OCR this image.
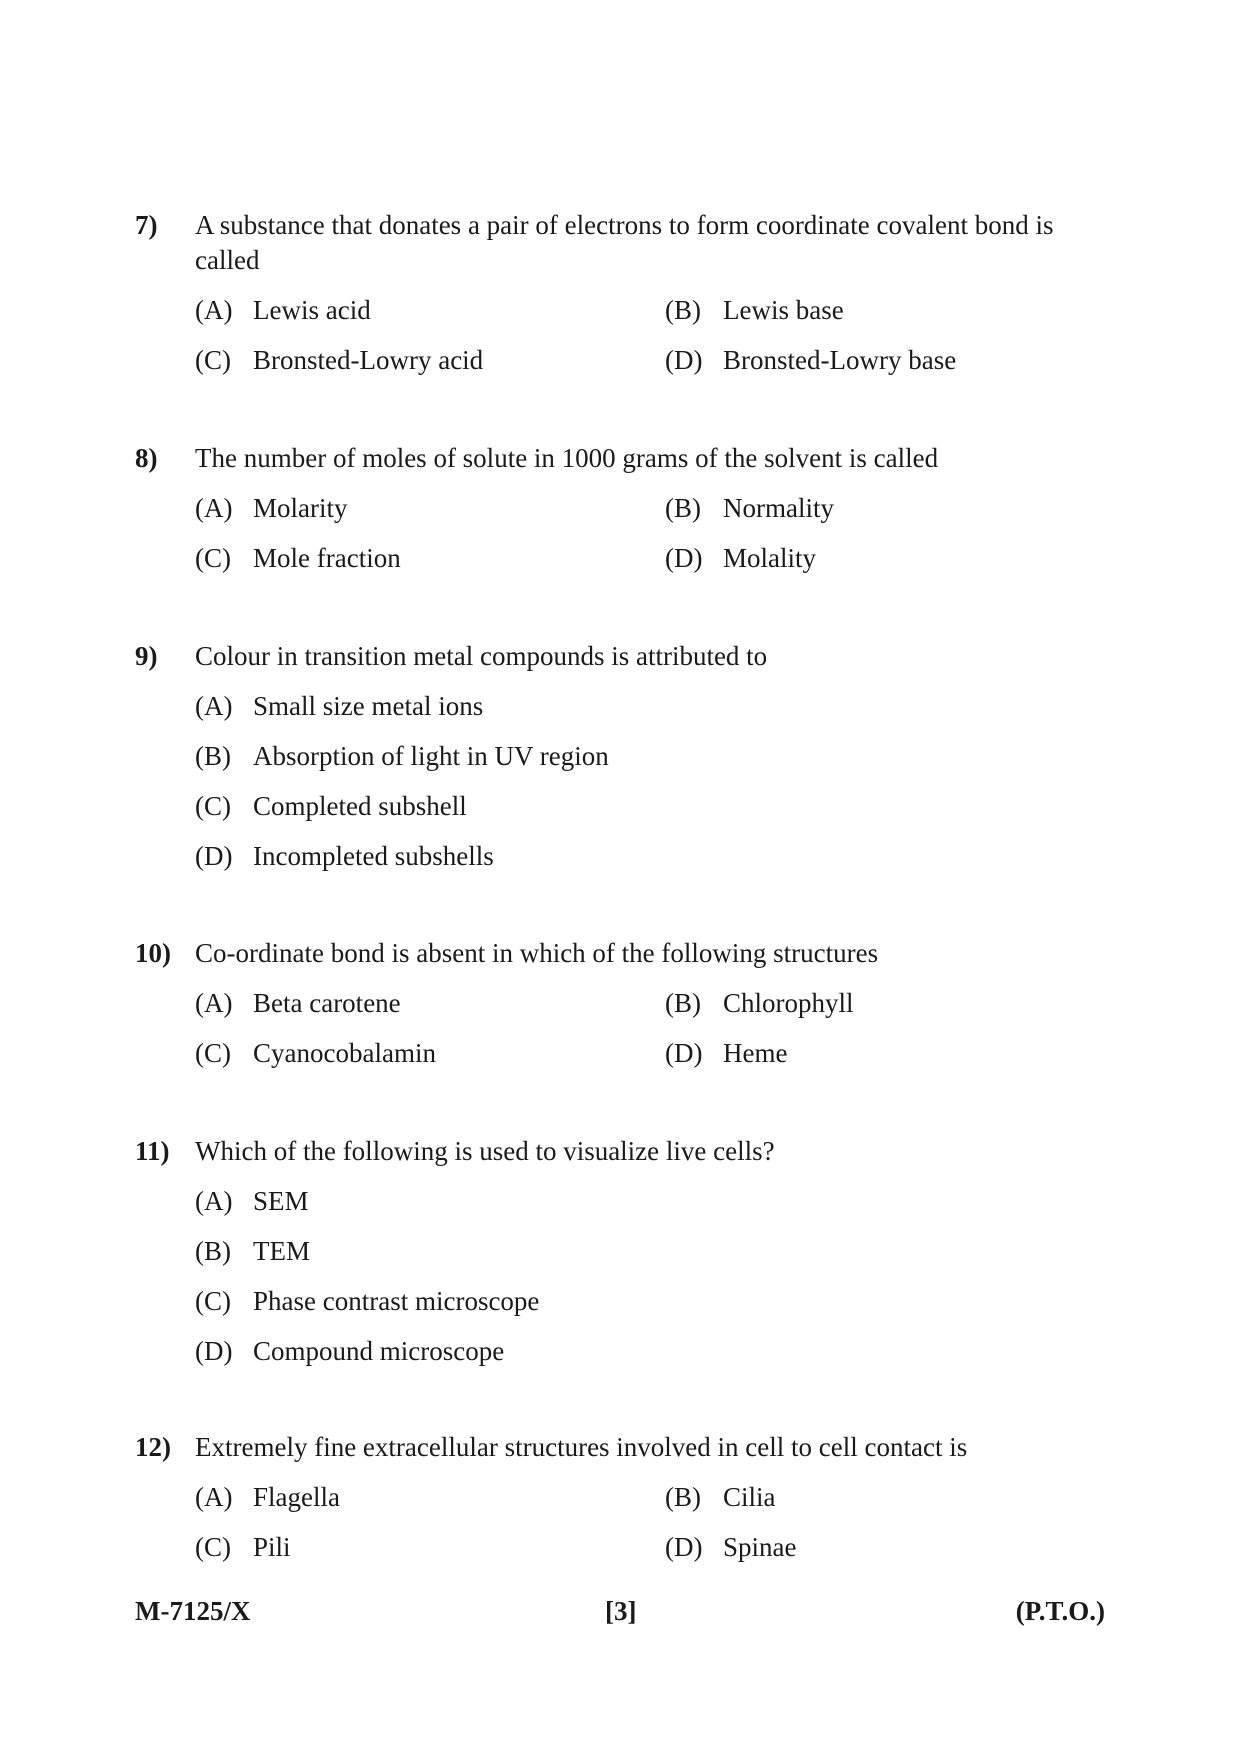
7) A substance that donates a pair of electrons to form coordinate covalent bond is called
(A) Lewis acid	(B) Lewis base
(C) Bronsted-Lowry acid	(D) Bronsted-Lowry base
8) The number of moles of solute in 1000 grams of the solvent is called
(A) Molarity	(B) Normality
(C) Mole fraction	(D) Molality
9) Colour in transition metal compounds is attributed to
(A) Small size metal ions
(B) Absorption of light in UV region
(C) Completed subshell
(D) Incompleted subshells
10) Co-ordinate bond is absent in which of the following structures
(A) Beta carotene	(B) Chlorophyll
(C) Cyanocobalamin	(D) Heme
11) Which of the following is used to visualize live cells?
(A) SEM
(B) TEM
(C) Phase contrast microscope
(D) Compound microscope
12) Extremely fine extracellular structures involved in cell to cell contact is
(A) Flagella	(B) Cilia
(C) Pili	(D) Spinae
M-7125/X	[3]	(P.T.O.)
